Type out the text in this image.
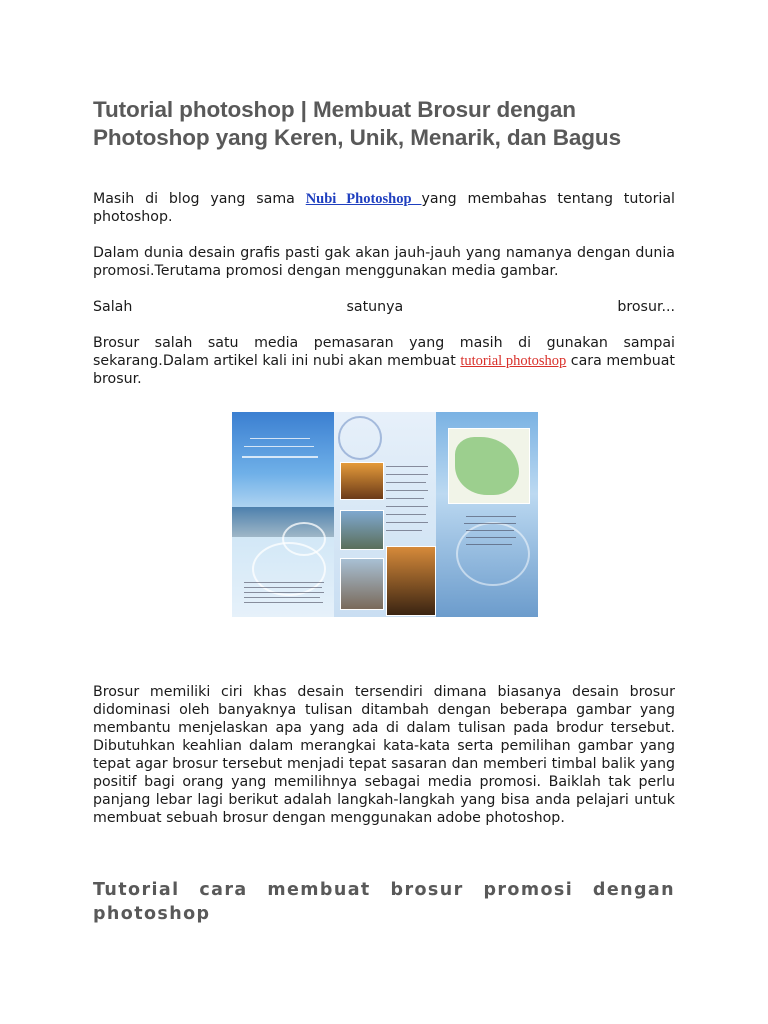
Tutorial photoshop | Membuat Brosur dengan Photoshop yang Keren, Unik, Menarik, dan Bagus

Masih di blog yang sama Nubi Photoshop yang membahas tentang tutorial photoshop.

Dalam dunia desain grafis pasti gak akan jauh-jauh yang namanya dengan dunia promosi.Terutama promosi dengan menggunakan media gambar.

Salah satunya brosur...

Brosur salah satu media pemasaran yang masih di gunakan sampai sekarang.Dalam artikel kali ini nubi akan membuat tutorial photoshop cara membuat brosur.

Brosur memiliki ciri khas desain tersendiri dimana biasanya desain brosur didominasi oleh banyaknya tulisan ditambah dengan beberapa gambar yang membantu menjelaskan apa yang ada di dalam tulisan pada brodur tersebut. Dibutuhkan keahlian dalam merangkai kata-kata serta pemilihan gambar yang tepat agar brosur tersebut menjadi tepat sasaran dan memberi timbal balik yang positif bagi orang yang memilihnya sebagai media promosi. Baiklah tak perlu panjang lebar lagi berikut adalah langkah-langkah yang bisa anda pelajari untuk membuat sebuah brosur dengan menggunakan adobe photoshop.

Tutorial cara membuat brosur promosi dengan photoshop
